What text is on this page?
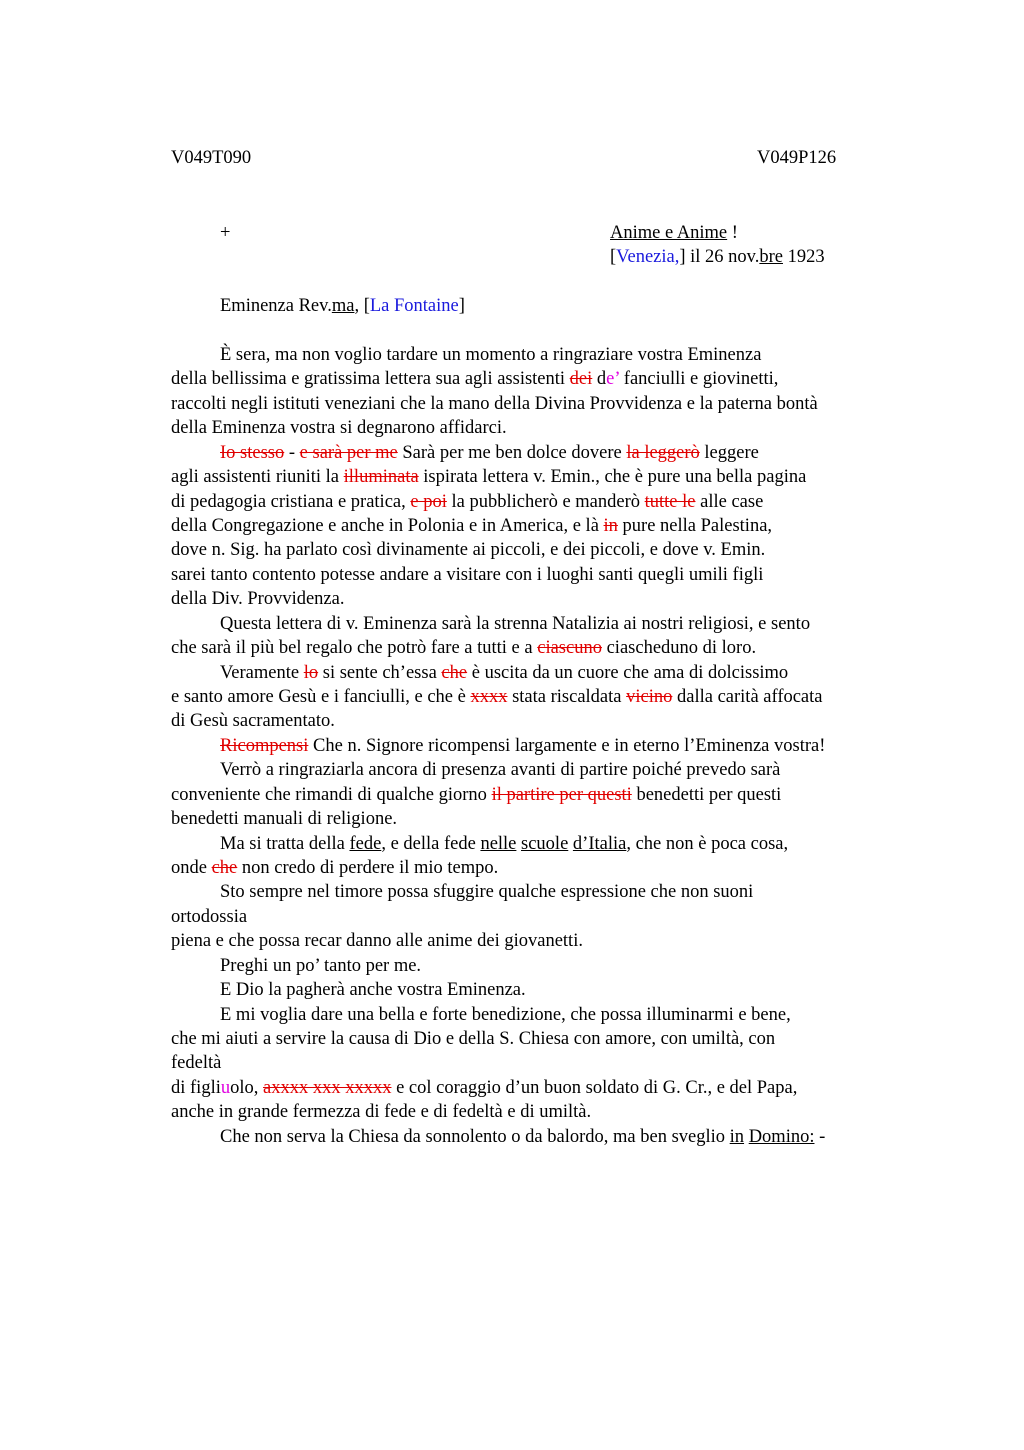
V049T090	V049P126
+	Anime e Anime !
[Venezia,] il 26 nov.bre 1923
Eminenza Rev.ma, [La Fontaine]
È sera, ma non voglio tardare un momento a ringraziare vostra Eminenza
della bellissima e gratissima lettera sua agli assistenti dei de’ fanciulli e giovinetti,
raccolti negli istituti veneziani che la mano della Divina Provvidenza e la paterna bontà
della Eminenza vostra si degnarono affidarci.
Io stesso - e sarà per me Sarà per me ben dolce dovere la leggerò leggere
agli assistenti riuniti la illuminata ispirata lettera v. Emin., che è pure una bella pagina
di pedagogia cristiana e pratica, e poi la pubblicherò e manderò tutte le alle case
della Congregazione e anche in Polonia e in America, e là in pure nella Palestina,
dove n. Sig. ha parlato così divinamente ai piccoli, e dei piccoli, e dove v. Emin.
sarei tanto contento potesse andare a visitare con i luoghi santi quegli umili figli
della Div. Provvidenza.
Questa lettera di v. Eminenza sarà la strenna Natalizia ai nostri religiosi, e sento
che sarà il più bel regalo che potrò fare a tutti e a ciascuno ciascheduno di loro.
Veramente lo si sente ch’essa che è uscita da un cuore che ama di dolcissimo
e santo amore Gesù e i fanciulli, e che è xxxx stata riscaldata vicino dalla carità affocata
di Gesù sacramentato.
Ricompensi Che n. Signore ricompensi largamente e in eterno l’Eminenza vostra!
Verrò a ringraziarla ancora di presenza avanti di partire poiché prevedo sarà
conveniente che rimandi di qualche giorno il partire per questi benedetti per questi
benedetti manuali di religione.
Ma si tratta della fede, e della fede nelle scuole d’Italia, che non è poca cosa,
onde che non credo di perdere il mio tempo.
Sto sempre nel timore possa sfuggire qualche espressione che non suoni
ortodossia
piena e che possa recar danno alle anime dei giovanetti.
Preghi un po’ tanto per me.
E Dio la pagherà anche vostra Eminenza.
E mi voglia dare una bella e forte benedizione, che possa illuminarmi e bene,
che mi aiuti a servire la causa di Dio e della S. Chiesa con amore, con umiltà, con
fedeltà
di figliuolo, axxxx xxx xxxxx e col coraggio d’un buon soldato di G. Cr., e del Papa,
anche in grande fermezza di fede e di fedeltà e di umiltà.
Che non serva la Chiesa da sonnolento o da balordo, ma ben sveglio in Domino: -
